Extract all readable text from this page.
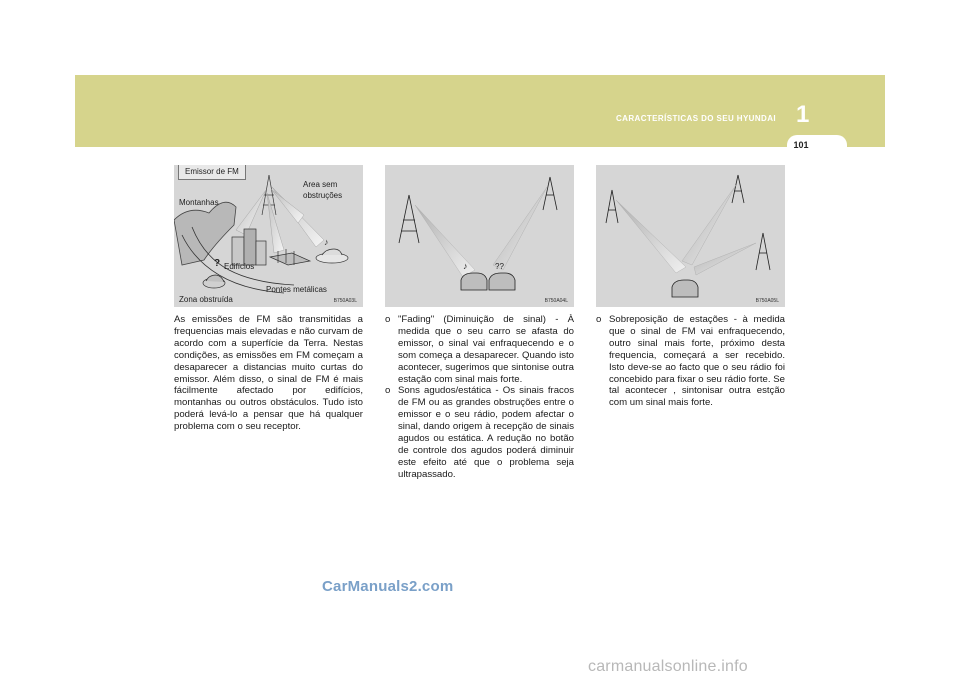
CARACTERÍSTICAS DO SEU HYUNDAI 1
101
♪
Emissor de FM
Area sem
obstruções
Montanhas
? Edifícios
Pontes metálicas
Zona obstruída	B750A03L
♪	??
B750A04L	B750A05L

As emissões de FM são transmitidas a frequencias mais elevadas e não curvam de acordo com a superfície da Terra. Nestas condições, as emissões em FM começam a desaparecer a distancias muito curtas do emissor. Além disso, o sinal de FM é mais fácilmente afectado por edifícios, montanhas ou outros obstáculos. Tudo isto poderá levá-lo a pensar que há qualquer problema com o seu receptor.

o "Fading" (Diminuição de sinal) - À medida que o seu carro se afasta do emissor, o sinal vai enfraquecendo e o som começa a desaparecer. Quando isto acontecer, sugerimos que sintonise outra estação com sinal mais forte.
o Sons agudos/estática - Os sinais fracos de FM ou as grandes obstruções entre o emissor e o seu rádio, podem afectar o sinal, dando origem à recepção de sinais agudos ou estática. A redução no botão de controle dos agudos poderá diminuir este efeito até que o problema seja ultrapassado.
o Sobreposição de estações - à medida que o sinal de FM vai enfraquecendo, outro sinal mais forte, próximo desta frequencia, começará a ser recebido. Isto deve-se ao facto que o seu rádio foi concebido para fixar o seu rádio forte. Se tal acontecer , sintonisar outra estção com um sinal mais forte.
CarManuals2.com
carmanualsonline.info
